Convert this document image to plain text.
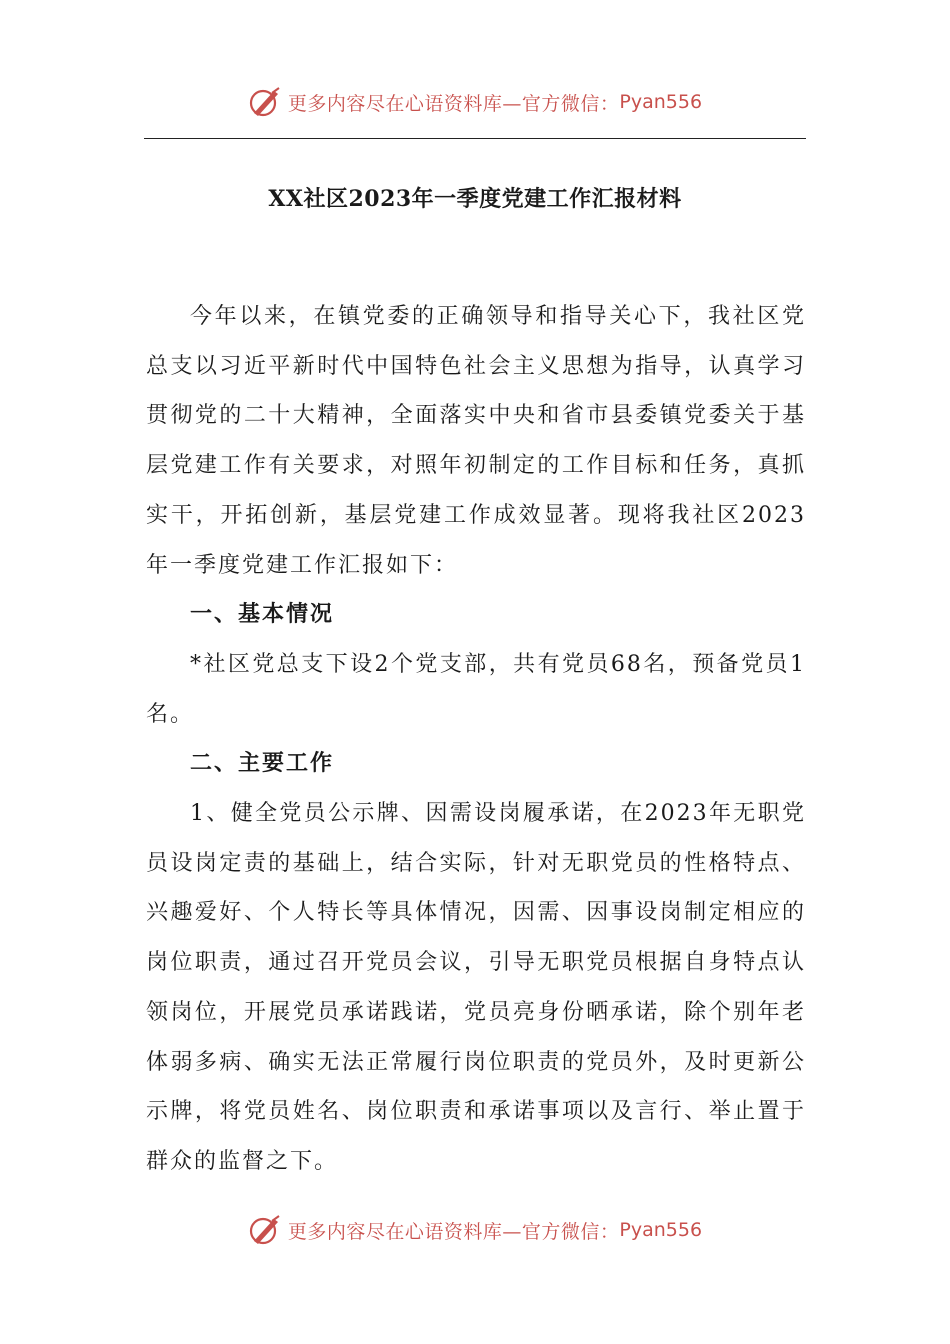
更多内容尽在心语资料库—官方微信： Pyan556
XX社区2023年一季度党建工作汇报材料

今年以来，在镇党委的正确领导和指导关心下，我社区党总支以习近平新时代中国特色社会主义思想为指导，认真学习贯彻党的二十大精神，全面落实中央和省市县委镇党委关于基层党建工作有关要求，对照年初制定的工作目标和任务，真抓实干，开拓创新，基层党建工作成效显著。现将我社区2023年一季度党建工作汇报如下：

一、基本情况

*社区党总支下设2个党支部，共有党员68名，预备党员1名。

二、主要工作

1、健全党员公示牌、因需设岗履承诺，在2023年无职党员设岗定责的基础上，结合实际，针对无职党员的性格特点、兴趣爱好、个人特长等具体情况，因需、因事设岗制定相应的岗位职责，通过召开党员会议，引导无职党员根据自身特点认领岗位，开展党员承诺践诺，党员亮身份晒承诺，除个别年老体弱多病、确实无法正常履行岗位职责的党员外，及时更新公示牌，将党员姓名、岗位职责和承诺事项以及言行、举止置于群众的监督之下。

更多内容尽在心语资料库—官方微信： Pyan556
